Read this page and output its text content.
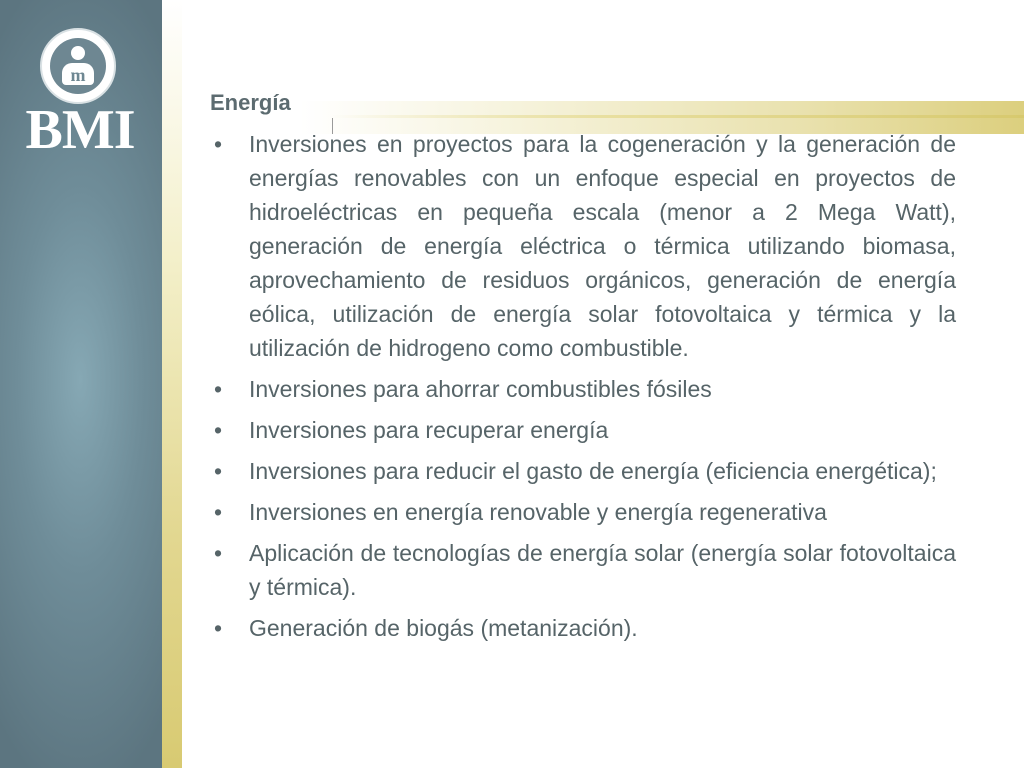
m
BMI	Energía
• Inversiones en proyectos para la cogeneración y la generación de energías renovables con un enfoque especial en proyectos de hidroeléctricas en pequeña escala (menor a 2 Mega Watt), generación de energía eléctrica o térmica utilizando biomasa, aprovechamiento de residuos orgánicos, generación de energía eólica, utilización de energía solar fotovoltaica y térmica y la utilización de hidrogeno como combustible.
• Inversiones para ahorrar combustibles fósiles
• Inversiones para recuperar energía
• Inversiones para reducir el gasto de energía (eficiencia energética);
• Inversiones en energía renovable y energía regenerativa
• Aplicación de tecnologías de energía solar (energía solar fotovoltaica y térmica).
• Generación de biogás (metanización).
